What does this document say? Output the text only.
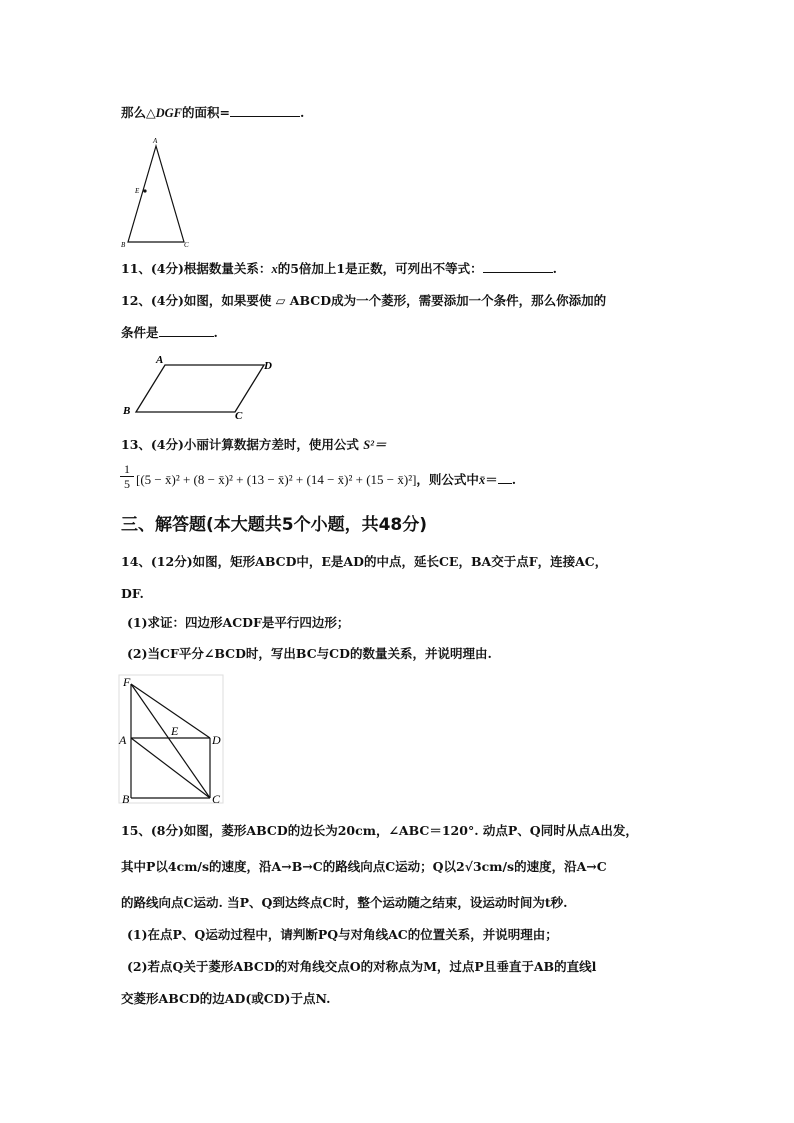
那么△DGF的面积=	.
A
E
B	C
11、(4分)根据数量关系：x的5倍加上1是正数，可列出不等式：	.
12、(4分)如图，如果要使 ▱ ABCD成为一个菱形，需要添加一个条件，那么你添加的
条件是	.
A	D
B	C
13、(4分)小丽计算数据方差时，使用公式 S²＝
$\frac{1}{5} [(5$ − x̄)² + (8 − x̄)² + (13 − x̄)² + (14 − x̄)² + (15 − x̄)²]，则公式中x̄＝ .
三、解答题(本大题共5个小题，共48分)
14、(12分)如图，矩形ABCD中，E是AD的中点，延长CE，BA交于点F，连接AC，
DF.
(1)求证：四边形ACDF是平行四边形；
(2)当CF平分∠BCD时，写出BC与CD的数量关系，并说明理由.
F
A
E
D
B	C
15、(8分)如图，菱形ABCD的边长为20cm，∠ABC＝120°. 动点P、Q同时从点A出发，
其中P以4cm/s的速度，沿A→B→C的路线向点C运动；Q以2√3cm/s的速度，沿A→C
的路线向点C运动. 当P、Q到达终点C时，整个运动随之结束，设运动时间为t秒.
(1)在点P、Q运动过程中，请判断PQ与对角线AC的位置关系，并说明理由；
(2)若点Q关于菱形ABCD的对角线交点O的对称点为M，过点P且垂直于AB的直线l
交菱形ABCD的边AD(或CD)于点N.
